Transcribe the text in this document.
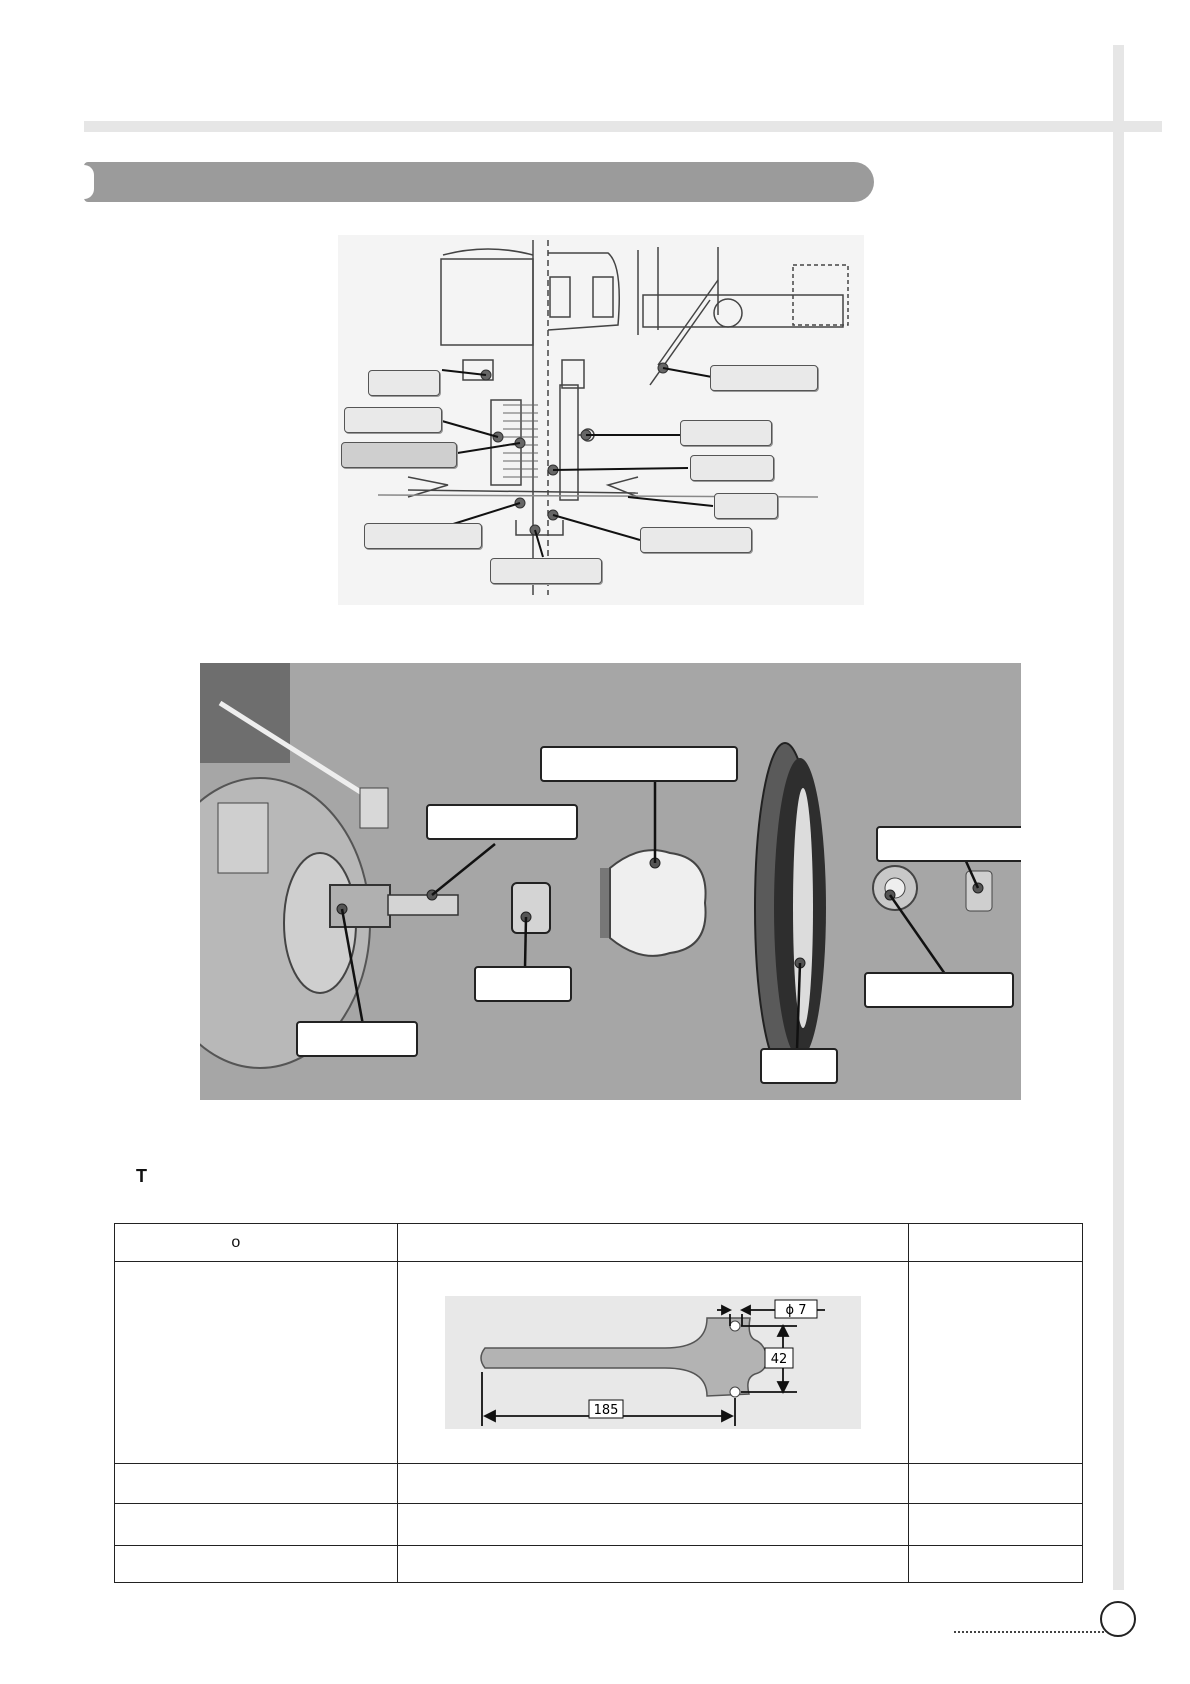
T
o		

ϕ 7
42
185	
